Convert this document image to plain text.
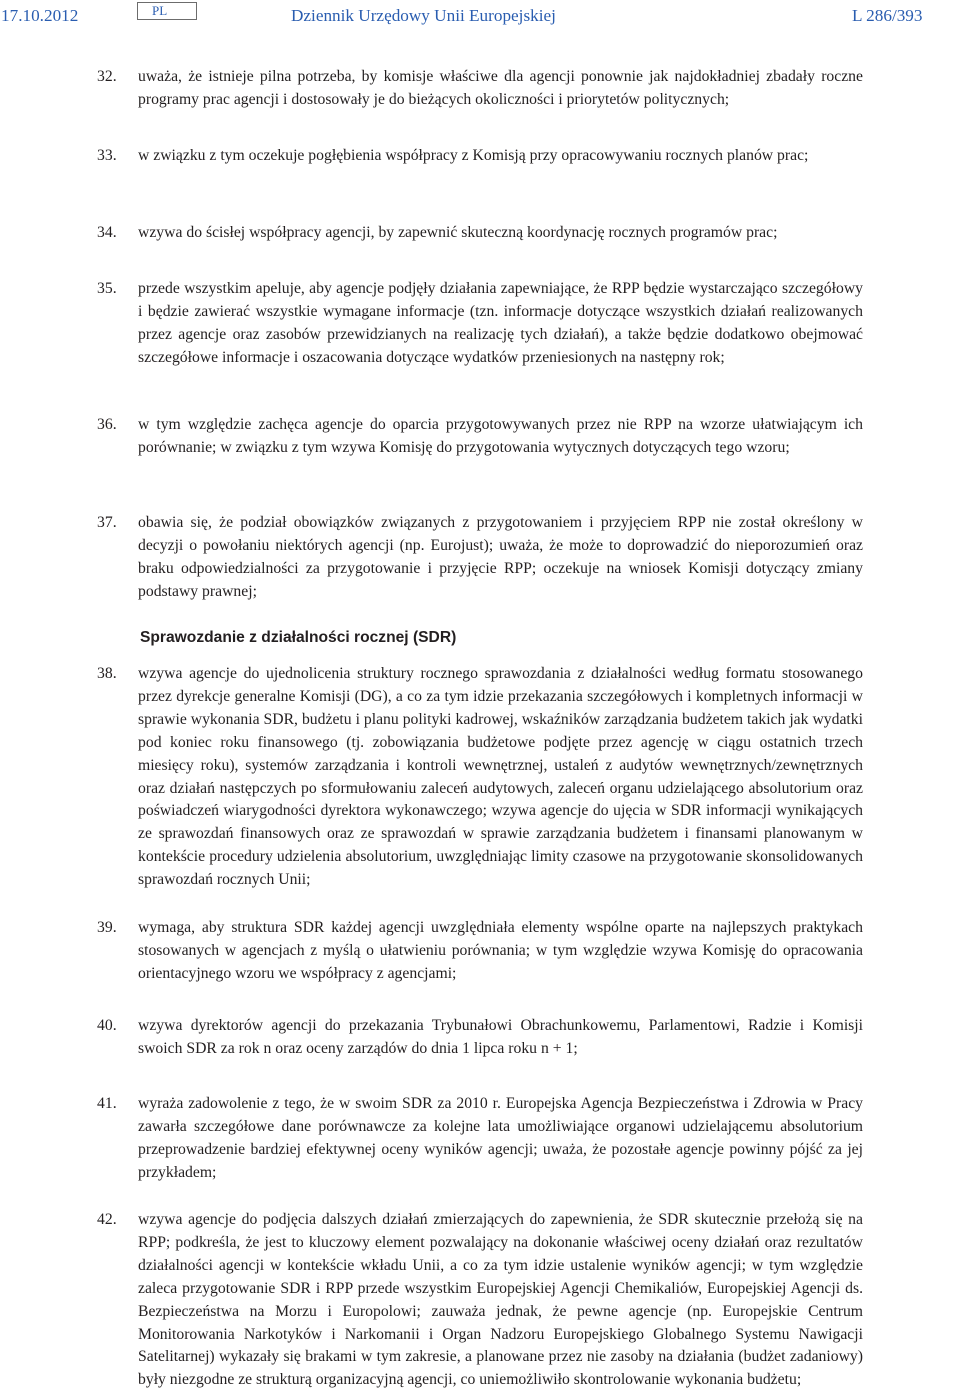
17.10.2012	PL	Dziennik Urzędowy Unii Europejskiej	L 286/393
32. uważa, że istnieje pilna potrzeba, by komisje właściwe dla agencji ponownie jak najdokładniej zbadały roczne programy prac agencji i dostosowały je do bieżących okoliczności i priorytetów politycznych;
33. w związku z tym oczekuje pogłębienia współpracy z Komisją przy opracowywaniu rocznych planów prac;
34. wzywa do ścisłej współpracy agencji, by zapewnić skuteczną koordynację rocznych programów prac;
35. przede wszystkim apeluje, aby agencje podjęły działania zapewniające, że RPP będzie wystarczająco szczegółowy i będzie zawierać wszystkie wymagane informacje (tzn. informacje dotyczące wszystkich działań realizowanych przez agencje oraz zasobów przewidzianych na realizację tych działań), a także będzie dodatkowo obejmować szczegółowe informacje i oszacowania dotyczące wydatków przeniesionych na następny rok;
36. w tym względzie zachęca agencje do oparcia przygotowywanych przez nie RPP na wzorze ułatwiającym ich porównanie; w związku z tym wzywa Komisję do przygotowania wytycznych dotyczących tego wzoru;
37. obawia się, że podział obowiązków związanych z przygotowaniem i przyjęciem RPP nie został określony w decyzji o powołaniu niektórych agencji (np. Eurojust); uważa, że może to doprowadzić do nieporozumień oraz braku odpowiedzialności za przygotowanie i przyjęcie RPP; oczekuje na wniosek Komisji dotyczący zmiany podstawy prawnej;
Sprawozdanie z działalności rocznej (SDR)
38. wzywa agencje do ujednolicenia struktury rocznego sprawozdania z działalności według formatu stosowanego przez dyrekcje generalne Komisji (DG), a co za tym idzie przekazania szczegółowych i kompletnych informacji w sprawie wykonania SDR, budżetu i planu polityki kadrowej, wskaźników zarządzania budżetem takich jak wydatki pod koniec roku finansowego (tj. zobowiązania budżetowe podjęte przez agencję w ciągu ostatnich trzech miesięcy roku), systemów zarządzania i kontroli wewnętrznej, ustaleń z audytów wewnętrznych/zewnętrznych oraz działań następczych po sformułowaniu zaleceń audytowych, zaleceń organu udzielającego absolutorium oraz poświadczeń wiarygodności dyrektora wykonawczego; wzywa agencje do ujęcia w SDR informacji wynikających ze sprawozdań finansowych oraz ze sprawozdań w sprawie zarządzania budżetem i finansami planowanym w kontekście procedury udzielenia absolutorium, uwzględniając limity czasowe na przygotowanie skonsolidowanych sprawozdań rocznych Unii;
39. wymaga, aby struktura SDR każdej agencji uwzględniała elementy wspólne oparte na najlepszych praktykach stosowanych w agencjach z myślą o ułatwieniu porównania; w tym względzie wzywa Komisję do opracowania orientacyjnego wzoru we współpracy z agencjami;
40. wzywa dyrektorów agencji do przekazania Trybunałowi Obrachunkowemu, Parlamentowi, Radzie i Komisji swoich SDR za rok n oraz oceny zarządów do dnia 1 lipca roku n + 1;
41. wyraża zadowolenie z tego, że w swoim SDR za 2010 r. Europejska Agencja Bezpieczeństwa i Zdrowia w Pracy zawarła szczegółowe dane porównawcze za kolejne lata umożliwiające organowi udzielającemu absolutorium przeprowadzenie bardziej efektywnej oceny wyników agencji; uważa, że pozostałe agencje powinny pójść za jej przykładem;
42. wzywa agencje do podjęcia dalszych działań zmierzających do zapewnienia, że SDR skutecznie przełożą się na RPP; podkreśla, że jest to kluczowy element pozwalający na dokonanie właściwej oceny działań oraz rezultatów działalności agencji w kontekście wkładu Unii, a co za tym idzie ustalenie wyników agencji; w tym względzie zaleca przygotowanie SDR i RPP przede wszystkim Europejskiej Agencji Chemikaliów, Europejskiej Agencji ds. Bezpieczeństwa na Morzu i Europolowi; zauważa jednak, że pewne agencje (np. Europejskie Centrum Monitorowania Narkotyków i Narkomanii i Organ Nadzoru Europejskiego Globalnego Systemu Nawigacji Satelitarnej) wykazały się brakami w tym zakresie, a planowane przez nie zasoby na działania (budżet zadaniowy) były niezgodne ze strukturą organizacyjną agencji, co uniemożliwiło skontrolowanie wykonania budżetu;
